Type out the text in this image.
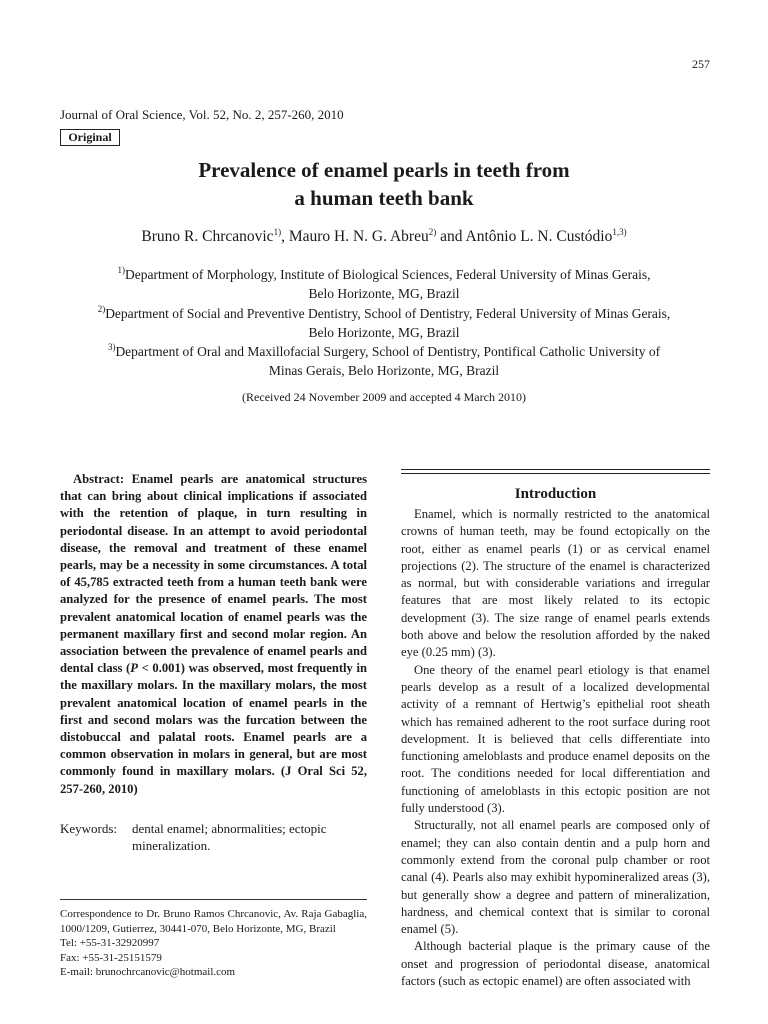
257
Journal of Oral Science, Vol. 52, No. 2, 257-260, 2010
Original
Prevalence of enamel pearls in teeth from
a human teeth bank
Bruno R. Chrcanovic$^{1)}$, Mauro H. N. G. Abreu$^{2)}$ and Antônio L. N. Custódio$^{1,3)}$
$^{1)}$Department of Morphology, Institute of Biological Sciences, Federal University of Minas Gerais,
Belo Horizonte, MG, Brazil
$^{2)}$Department of Social and Preventive Dentistry, School of Dentistry, Federal University of Minas Gerais,
Belo Horizonte, MG, Brazil
$^{3)}$Department of Oral and Maxillofacial Surgery, School of Dentistry, Pontifical Catholic University of
Minas Gerais, Belo Horizonte, MG, Brazil
(Received 24 November 2009 and accepted 4 March 2010)
Abstract: Enamel pearls are anatomical structures that can bring about clinical implications if associated with the retention of plaque, in turn resulting in periodontal disease. In an attempt to avoid periodontal disease, the removal and treatment of these enamel pearls, may be a necessity in some circumstances. A total of 45,785 extracted teeth from a human teeth bank were analyzed for the presence of enamel pearls. The most prevalent anatomical location of enamel pearls was the permanent maxillary first and second molar region. An association between the prevalence of enamel pearls and dental class (P < 0.001) was observed, most frequently in the maxillary molars. In the maxillary molars, the most prevalent anatomical location of enamel pearls in the first and second molars was the furcation between the distobuccal and palatal roots. Enamel pearls are a common observation in molars in general, but are most commonly found in maxillary molars. (J Oral Sci 52, 257-260, 2010)
Keywords: dental enamel; abnormalities; ectopic
mineralization.
Correspondence to Dr. Bruno Ramos Chrcanovic, Av. Raja Gabaglia, 1000/1209, Gutierrez, 30441-070, Belo Horizonte, MG, Brazil
Tel: +55-31-32920997
Fax: +55-31-25151579
E-mail: brunochrcanovic@hotmail.com
Introduction

Enamel, which is normally restricted to the anatomical crowns of human teeth, may be found ectopically on the root, either as enamel pearls (1) or as cervical enamel projections (2). The structure of the enamel is characterized as normal, but with considerable variations and irregular features that are most likely related to its ectopic development (3). The size range of enamel pearls extends both above and below the resolution afforded by the naked eye (0.25 mm) (3).

One theory of the enamel pearl etiology is that enamel pearls develop as a result of a localized developmental activity of a remnant of Hertwig’s epithelial root sheath which has remained adherent to the root surface during root development. It is believed that cells differentiate into functioning ameloblasts and produce enamel deposits on the root. The conditions needed for local differentiation and functioning of ameloblasts in this ectopic position are not fully understood (3).

Structurally, not all enamel pearls are composed only of enamel; they can also contain dentin and a pulp horn and commonly extend from the coronal pulp chamber or root canal (4). Pearls also may exhibit hypomineralized areas (3), but generally show a degree and pattern of mineralization, hardness, and chemical context that is similar to coronal enamel (5).

Although bacterial plaque is the primary cause of the onset and progression of periodontal disease, anatomical factors (such as ectopic enamel) are often associated with
